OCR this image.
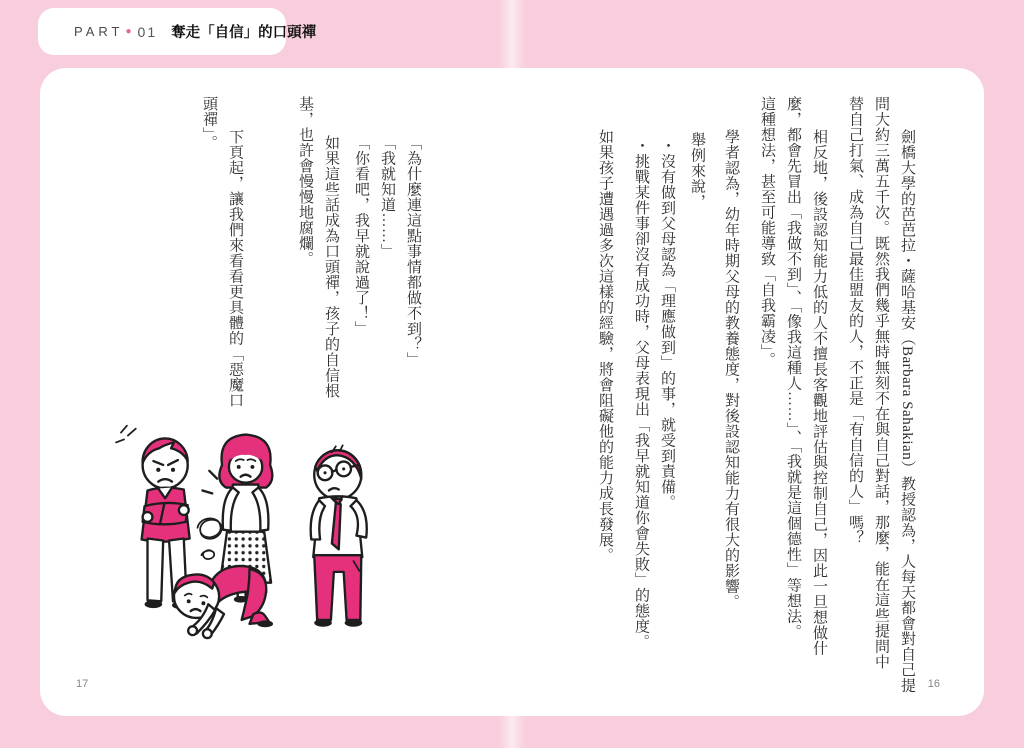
PART ● 01 奪走「自信」的口頭禪
劍橋大學的芭芭拉・薩哈基安（Barbara Sahakian）教授認為，人每天都會對自己提
問大約三萬五千次。既然我們幾乎無時無刻不在與自己對話，那麼，能在這些提問中
替自己打氣、成為自己最佳盟友的人，不正是「有自信的人」嗎？
相反地，後設認知能力低的人不擅長客觀地評估與控制自己，因此一旦想做什
麼，都會先冒出「我做不到」、「像我這種人……」、「我就是這個德性」等想法。
這種想法，甚至可能導致「自我霸凌」。
學者認為，幼年時期父母的教養態度，對後設認知能力有很大的影響。
舉例來說，
・沒有做到父母認為「理應做到」的事，就受到責備。
・挑戰某件事卻沒有成功時，父母表現出「我早就知道你會失敗」的態度。
如果孩子遭遇過多次這樣的經驗，將會阻礙他的能力成長發展。
「為什麼連這點事情都做不到？」
「我就知道……」
「你看吧，我早就說過了！」
如果這些話成為口頭禪，孩子的自信根
基，也許會慢慢地腐爛。
下頁起，讓我們來看看更具體的「惡魔口
頭禪」。
17	16
